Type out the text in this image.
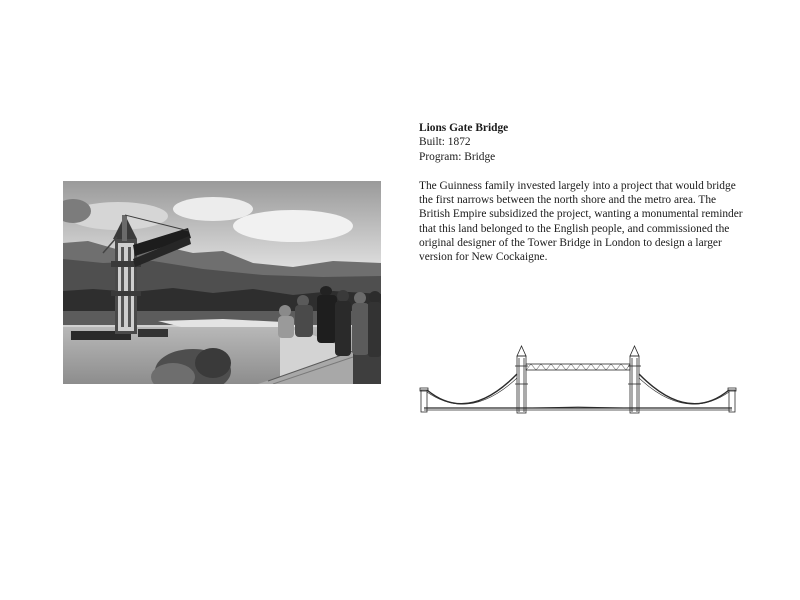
Lions Gate Bridge
Built: 1872
Program: Bridge
The Guinness family invested largely into a project that would bridge the first narrows between the north shore and the metro area. The British Empire subsidized the project, wanting a monumental reminder that this land belonged to the English people, and commissioned the original designer of the Tower Bridge in London to design a larger version for New Cockaigne.
